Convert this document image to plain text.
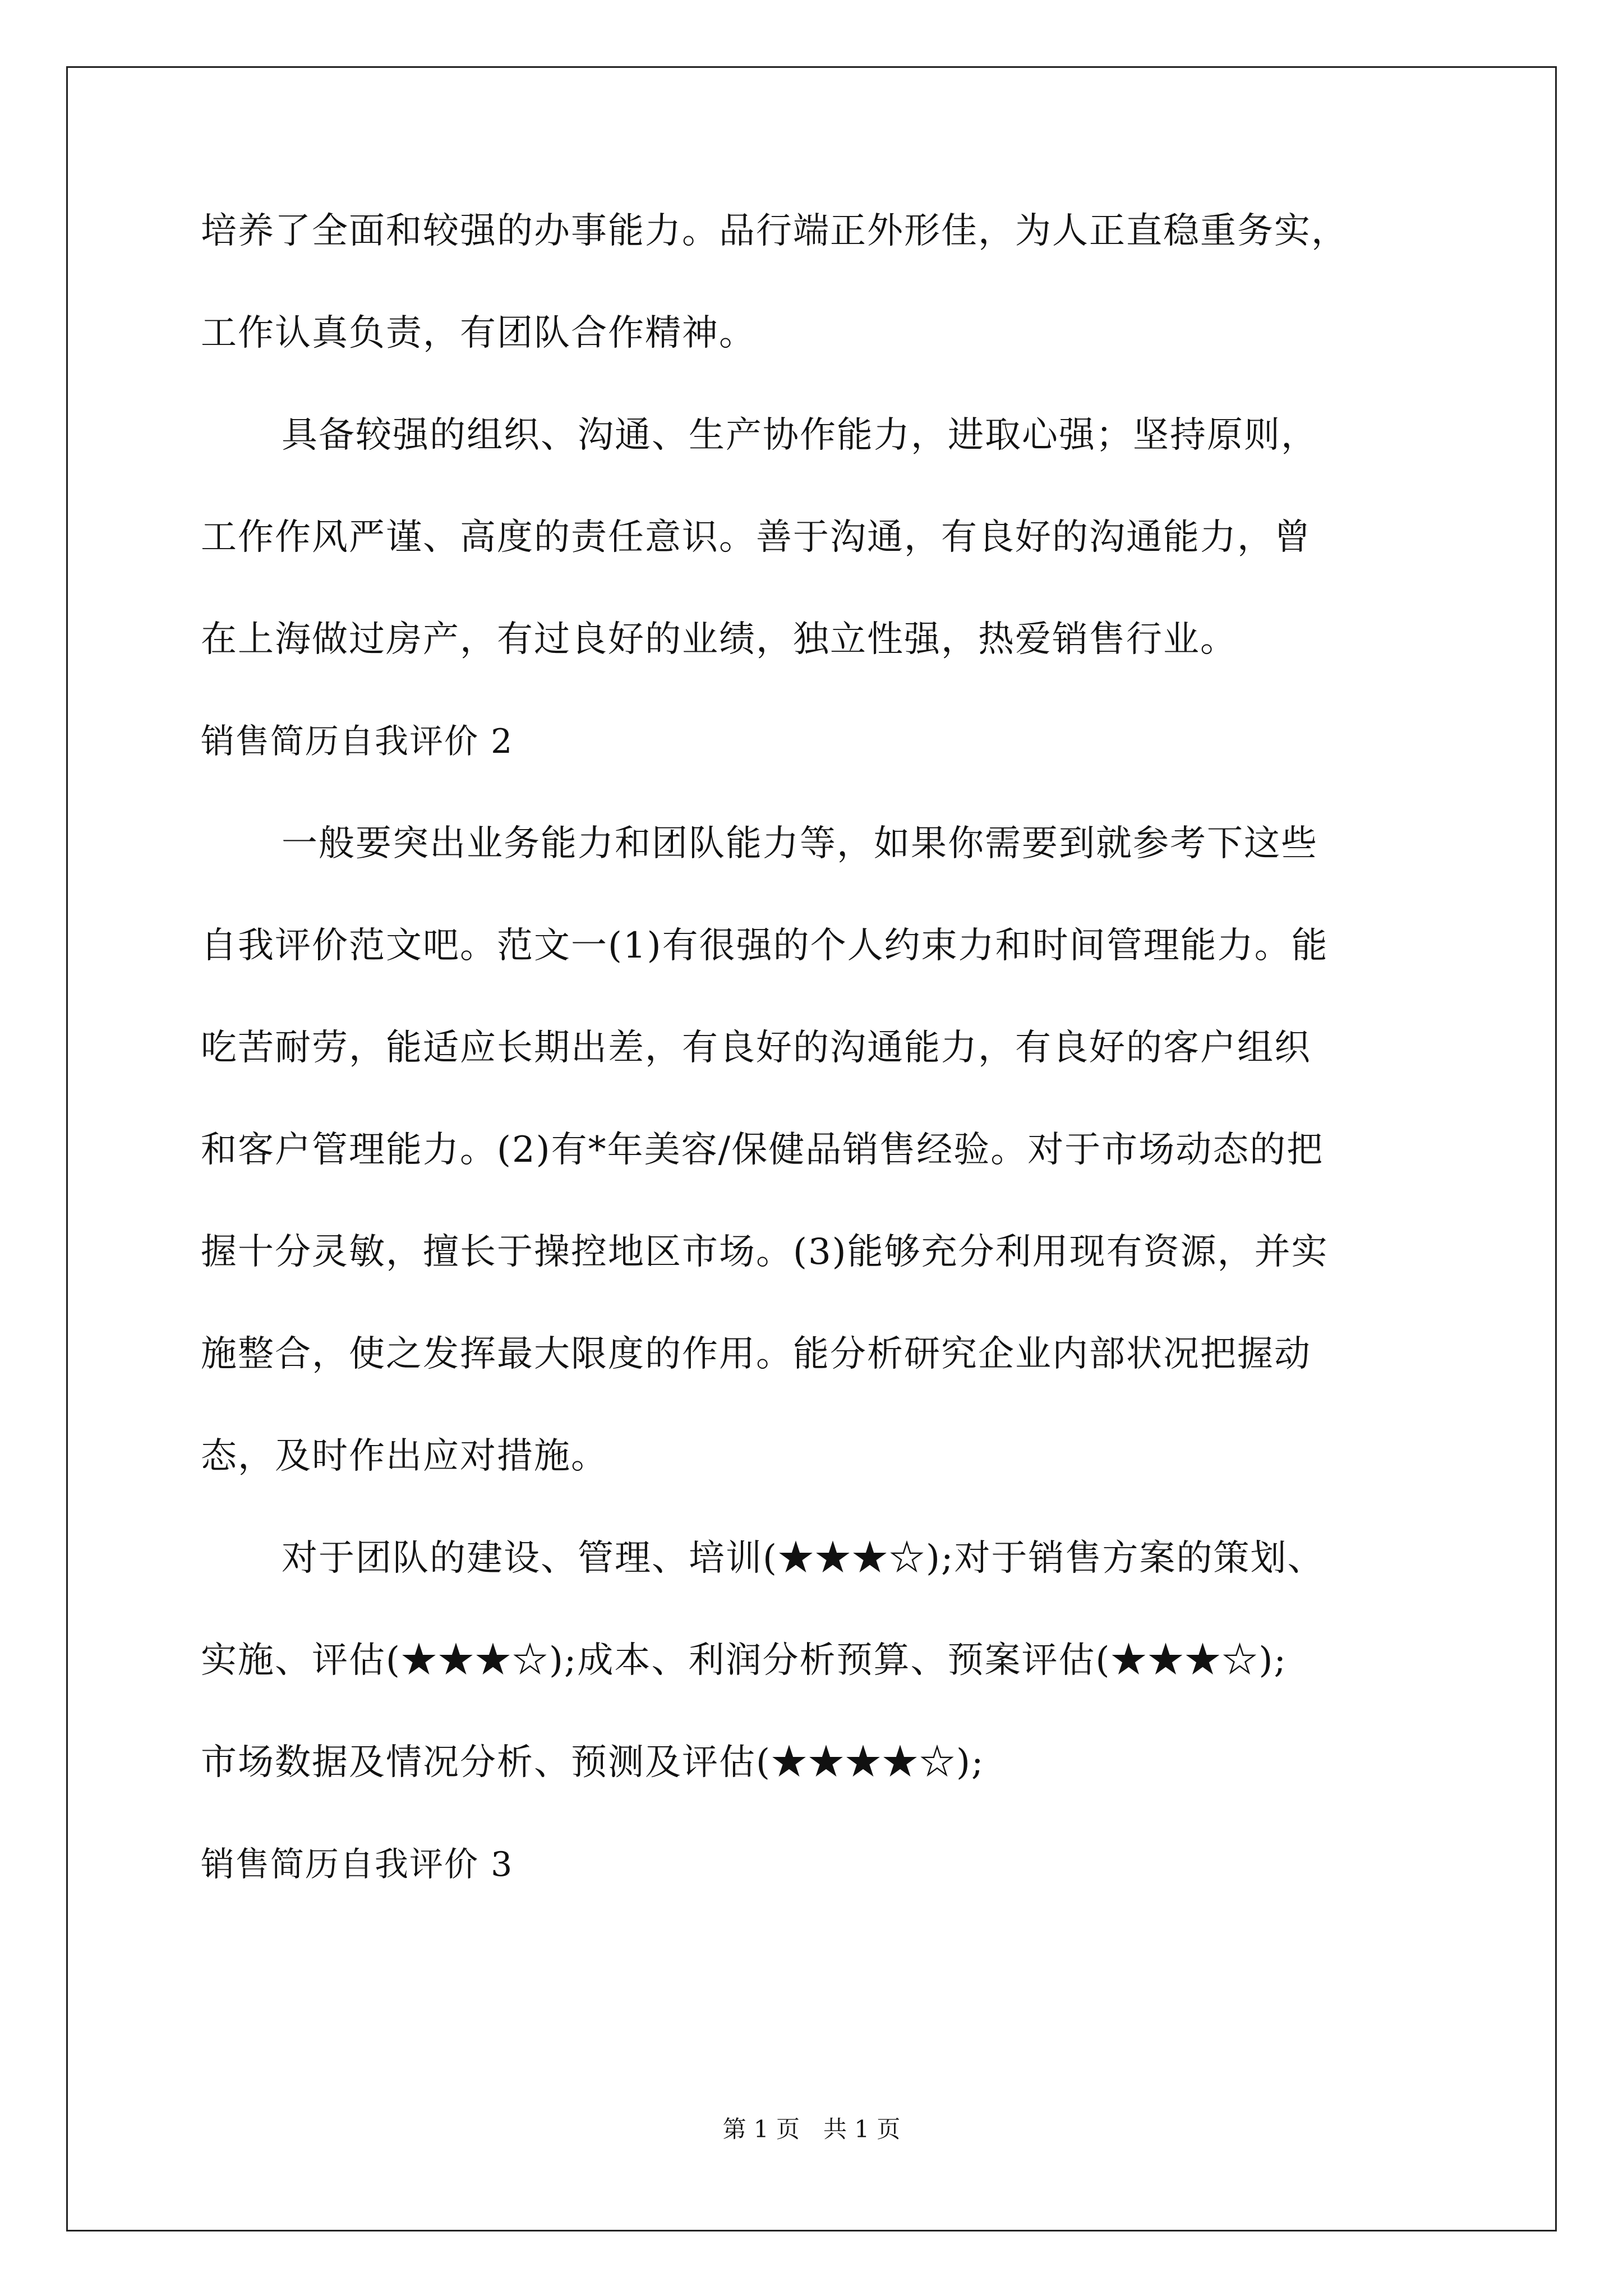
培养了全面和较强的办事能力。品行端正外形佳，为人正直稳重务实，
工作认真负责，有团队合作精神。
具备较强的组织、沟通、生产协作能力，进取心强；坚持原则，
工作作风严谨、高度的责任意识。善于沟通，有良好的沟通能力，曾
在上海做过房产，有过良好的业绩，独立性强，热爱销售行业。
销售简历自我评价 2
一般要突出业务能力和团队能力等，如果你需要到就参考下这些
自我评价范文吧。范文一(1)有很强的个人约束力和时间管理能力。能
吃苦耐劳，能适应长期出差，有良好的沟通能力，有良好的客户组织
和客户管理能力。(2)有*年美容/保健品销售经验。对于市场动态的把
握十分灵敏，擅长于操控地区市场。(3)能够充分利用现有资源，并实
施整合，使之发挥最大限度的作用。能分析研究企业内部状况把握动
态，及时作出应对措施。
对于团队的建设、管理、培训(★★★☆);对于销售方案的策划、
实施、评估(★★★☆);成本、利润分析预算、预案评估(★★★☆);
市场数据及情况分析、预测及评估(★★★★☆);
销售简历自我评价 3
第 1 页　共 1 页
